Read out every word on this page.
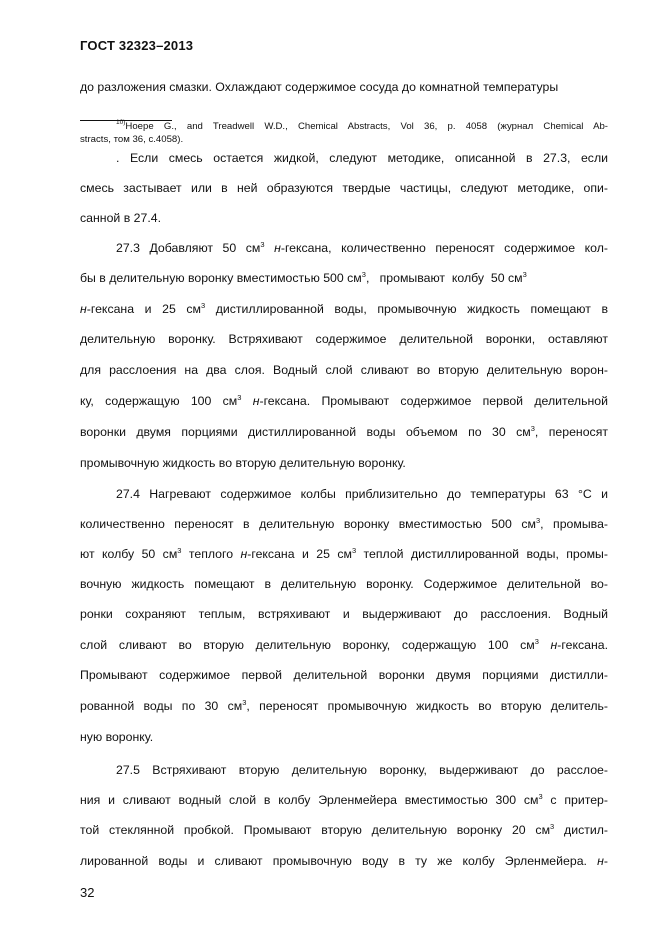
ГОСТ 32323–2013
до разложения смазки. Охлаждают содержимое сосуда до комнатной температуры
$^{10)}$Hoepe G., and Treadwell W.D., Chemical Abstracts, Vol 36, p. 4058 (журнал Chemical Ab-
stracts, том 36, с.4058).
. Если смесь остается жидкой, следуют методике, описанной в 27.3, если
смесь застывает или в ней образуются твердые частицы, следуют методике, опи-
санной в 27.4.
27.3 Добавляют 50 $см^3$ н-гексана, количественно переносят содержимое кол-
бы в делительную воронку вместимостью 500 $см^3$,   промывают  колбу  50 $см^3$
н-гексана и 25 $см^3$ дистиллированной воды, промывочную жидкость помещают в
делительную воронку. Встряхивают содержимое делительной воронки, оставляют
для расслоения на два слоя. Водный слой сливают во вторую делительную ворон-
ку, содержащую 100 $см^3$ н-гексана. Промывают содержимое первой делительной
воронки двумя порциями дистиллированной воды объемом по 30 $см^3$, переносят
промывочную жидкость во вторую делительную воронку.
27.4 Нагревают содержимое колбы приблизительно до температуры 63 °С и
количественно переносят в делительную воронку вместимостью 500 $см^3$, промыва-
ют колбу 50 $см^3$ теплого н-гексана и 25 $см^3$ теплой дистиллированной воды, промы-
вочную жидкость помещают в делительную воронку. Содержимое делительной во-
ронки сохраняют теплым, встряхивают и выдерживают до расслоения. Водный
слой сливают во вторую делительную воронку, содержащую 100 $см^3$ н-гексана.
Промывают содержимое первой делительной воронки двумя порциями дистилли-
рованной воды по 30 $см^3$, переносят промывочную жидкость во вторую делитель-
ную воронку.
27.5 Встряхивают вторую делительную воронку, выдерживают до расслое-
ния и сливают водный слой в колбу Эрленмейера вместимостью 300 $см^3$ с притер-
той стеклянной пробкой. Промывают вторую делительную воронку 20 $см^3$ дистил-
лированной воды и сливают промывочную воду в ту же колбу Эрленмейера. н-
32
